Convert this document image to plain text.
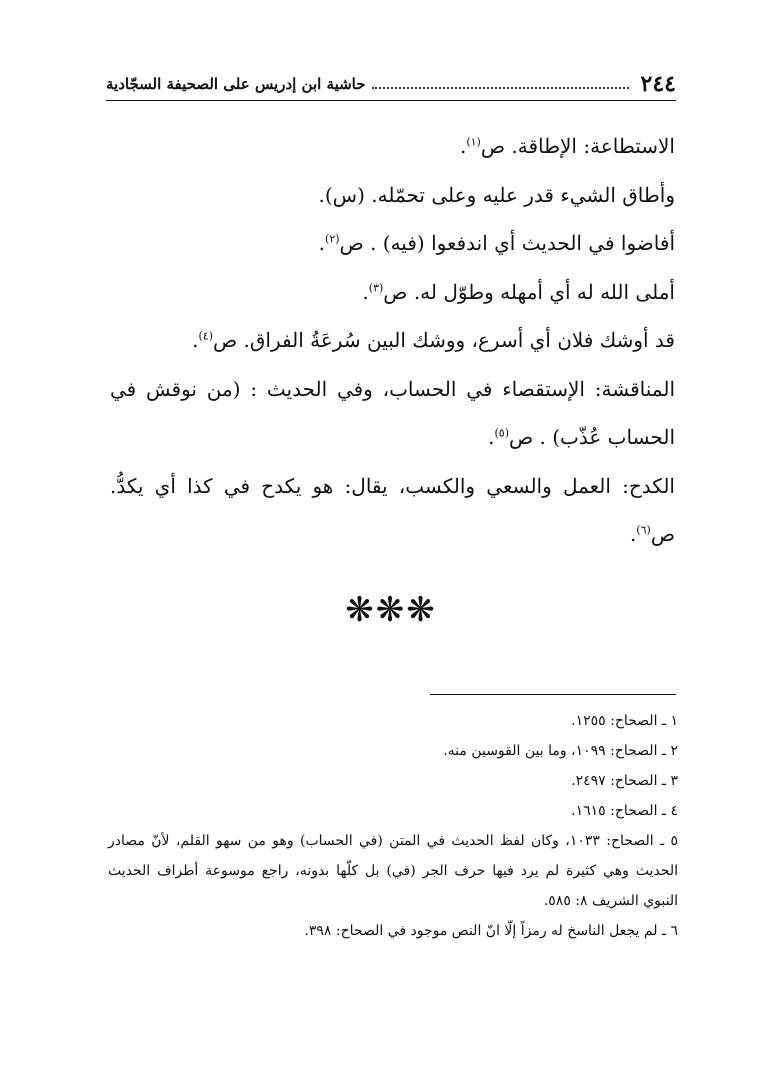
٢٤٤
حاشية ابن إدريس على الصحيفة السجّادية

الاستطاعة: الإطاقة. ص$^{(١)}$.

وأطاق الشيء قدر عليه وعلى تحمّله. (س).

أفاضوا في الحديث أي اندفعوا (فيه) . ص$^{(٢)}$.

أملى الله له أي أمهله وطوّل له. ص$^{(٣)}$.

قد أوشك فلان أي أسرع، ووشك البين سُرعَةُ الفراق. ص$^{(٤)}$.

المناقشة: الإستقصاء في الحساب، وفي الحديث : (من نوقش في الحساب عُذّب) . ص$^{(٥)}$.

الكدح: العمل والسعي والكسب، يقال: هو يكدح في كذا أي يكدُّ. ص$^{(٦)}$.

❋❋❋

١ ـ الصحاح: ١٢٥٥.

٢ ـ الصحاح: ١٠٩٩، وما بين القوسين منه.

٣ ـ الصحاح: ٢٤٩٧.

٤ ـ الصحاح: ١٦١٥.

٥ ـ الصحاح: ١٠٣٣، وكان لفظ الحديث في المتن (في الحساب) وهو من سهو القلم، لأنّ مصادر الحديث وهي كثيرة لم يرد فيها حرف الجر (في) بل كلّها بدونه، راجع موسوعة أطراف الحديث النبوي الشريف ٨: ٥٨٥.

٦ ـ لم يجعل الناسخ له رمزاً إلّا انّ النص موجود في الصحاح: ٣٩٨.
